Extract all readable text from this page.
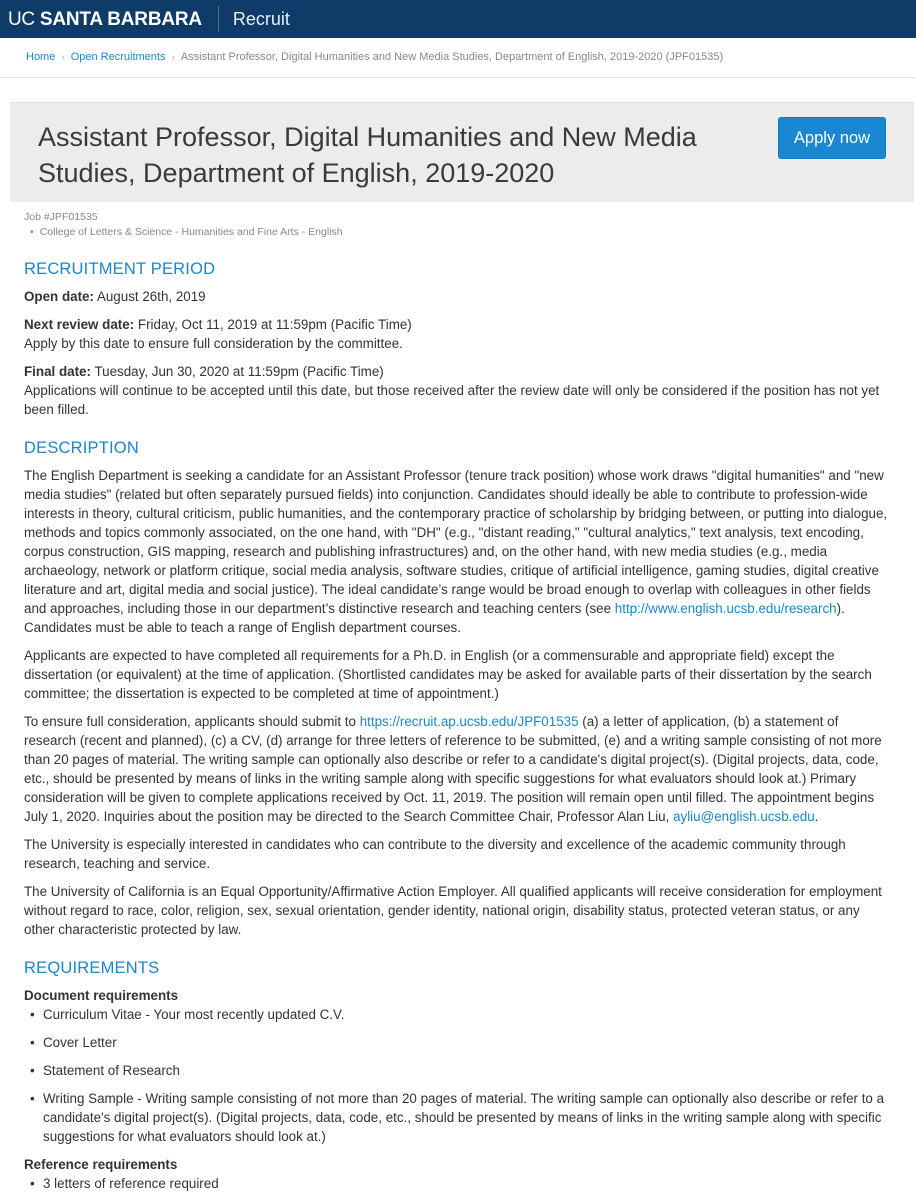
UC SANTA BARBARA Recruit
Home › Open Recruitments › Assistant Professor, Digital Humanities and New Media Studies, Department of English, 2019-2020 (JPF01535)
Assistant Professor, Digital Humanities and New Media Studies, Department of English, 2019-2020
Apply now
Job #JPF01535
• College of Letters & Science - Humanities and Fine Arts - English
RECRUITMENT PERIOD
Open date: August 26th, 2019
Next review date: Friday, Oct 11, 2019 at 11:59pm (Pacific Time)
Apply by this date to ensure full consideration by the committee.
Final date: Tuesday, Jun 30, 2020 at 11:59pm (Pacific Time)
Applications will continue to be accepted until this date, but those received after the review date will only be considered if the position has not yet been filled.
DESCRIPTION

The English Department is seeking a candidate for an Assistant Professor (tenure track position) whose work draws "digital humanities" and "new media studies" (related but often separately pursued fields) into conjunction. Candidates should ideally be able to contribute to profession-wide interests in theory, cultural criticism, public humanities, and the contemporary practice of scholarship by bridging between, or putting into dialogue, methods and topics commonly associated, on the one hand, with "DH" (e.g., "distant reading," "cultural analytics," text analysis, text encoding, corpus construction, GIS mapping, research and publishing infrastructures) and, on the other hand, with new media studies (e.g., media archaeology, network or platform critique, social media analysis, software studies, critique of artificial intelligence, gaming studies, digital creative literature and art, digital media and social justice). The ideal candidate’s range would be broad enough to overlap with colleagues in other fields and approaches, including those in our department’s distinctive research and teaching centers (see http://www.english.ucsb.edu/research). Candidates must be able to teach a range of English department courses.

Applicants are expected to have completed all requirements for a Ph.D. in English (or a commensurable and appropriate field) except the dissertation (or equivalent) at the time of application. (Shortlisted candidates may be asked for available parts of their dissertation by the search committee; the dissertation is expected to be completed at time of appointment.)

To ensure full consideration, applicants should submit to https://recruit.ap.ucsb.edu/JPF01535 (a) a letter of application, (b) a statement of research (recent and planned), (c) a CV, (d) arrange for three letters of reference to be submitted, (e) and a writing sample consisting of not more than 20 pages of material. The writing sample can optionally also describe or refer to a candidate's digital project(s). (Digital projects, data, code, etc., should be presented by means of links in the writing sample along with specific suggestions for what evaluators should look at.) Primary consideration will be given to complete applications received by Oct. 11, 2019. The position will remain open until filled. The appointment begins July 1, 2020. Inquiries about the position may be directed to the Search Committee Chair, Professor Alan Liu, ayliu@english.ucsb.edu.

The University is especially interested in candidates who can contribute to the diversity and excellence of the academic community through research, teaching and service.

The University of California is an Equal Opportunity/Affirmative Action Employer. All qualified applicants will receive consideration for employment without regard to race, color, religion, sex, sexual orientation, gender identity, national origin, disability status, protected veteran status, or any other characteristic protected by law.

REQUIREMENTS
Document requirements
• Curriculum Vitae - Your most recently updated C.V.
• Cover Letter
• Statement of Research
• Writing Sample - Writing sample consisting of not more than 20 pages of material. The writing sample can optionally also describe or refer to a candidate's digital project(s). (Digital projects, data, code, etc., should be presented by means of links in the writing sample along with specific suggestions for what evaluators should look at.)
Reference requirements
• 3 letters of reference required
